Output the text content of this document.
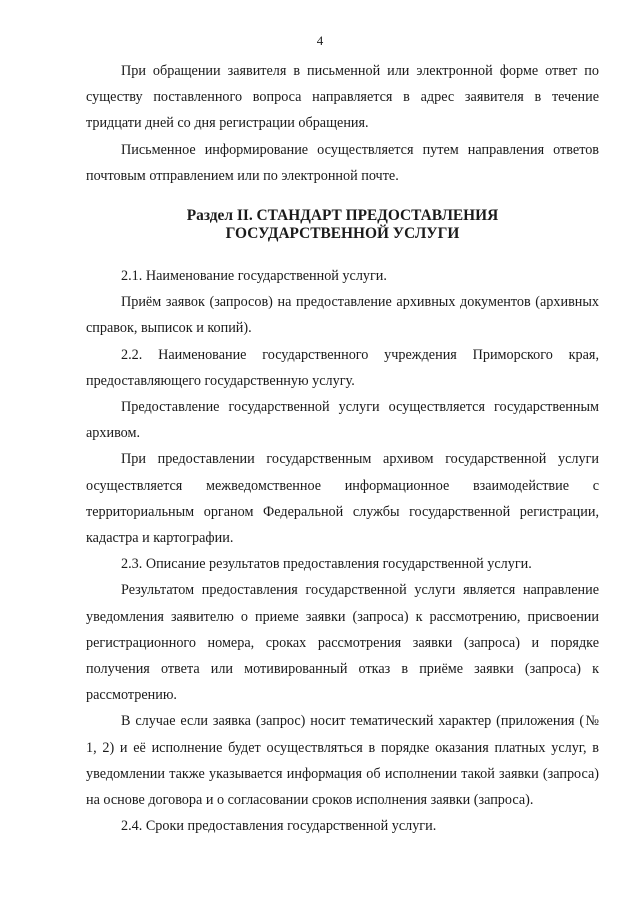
4

При обращении заявителя в письменной или электронной форме ответ по существу поставленного вопроса направляется в адрес заявителя в течение тридцати дней со дня регистрации обращения.

Письменное информирование осуществляется путем направления ответов почтовым отправлением или по электронной почте.

Раздел II. СТАНДАРТ ПРЕДОСТАВЛЕНИЯ ГОСУДАРСТВЕННОЙ УСЛУГИ

2.1. Наименование государственной услуги.

Приём заявок (запросов) на предоставление архивных документов (архивных справок, выписок и копий).

2.2. Наименование государственного учреждения Приморского края, предоставляющего государственную услугу.

Предоставление государственной услуги осуществляется государственным архивом.

При предоставлении государственным архивом государственной услуги осуществляется межведомственное информационное взаимодействие с территориальным органом Федеральной службы государственной регистрации, кадастра и картографии.

2.3. Описание результатов предоставления государственной услуги.

Результатом предоставления государственной услуги является направление уведомления заявителю о приеме заявки (запроса) к рассмотрению, присвоении регистрационного номера, сроках рассмотрения заявки (запроса) и порядке получения ответа или мотивированный отказ в приёме заявки (запроса) к рассмотрению.

В случае если заявка (запрос) носит тематический характер (приложения (№ 1, 2) и её исполнение будет осуществляться в порядке оказания платных услуг, в уведомлении также указывается информация об исполнении такой заявки (запроса) на основе договора и о согласовании сроков исполнения заявки (запроса).

2.4. Сроки предоставления государственной услуги.
